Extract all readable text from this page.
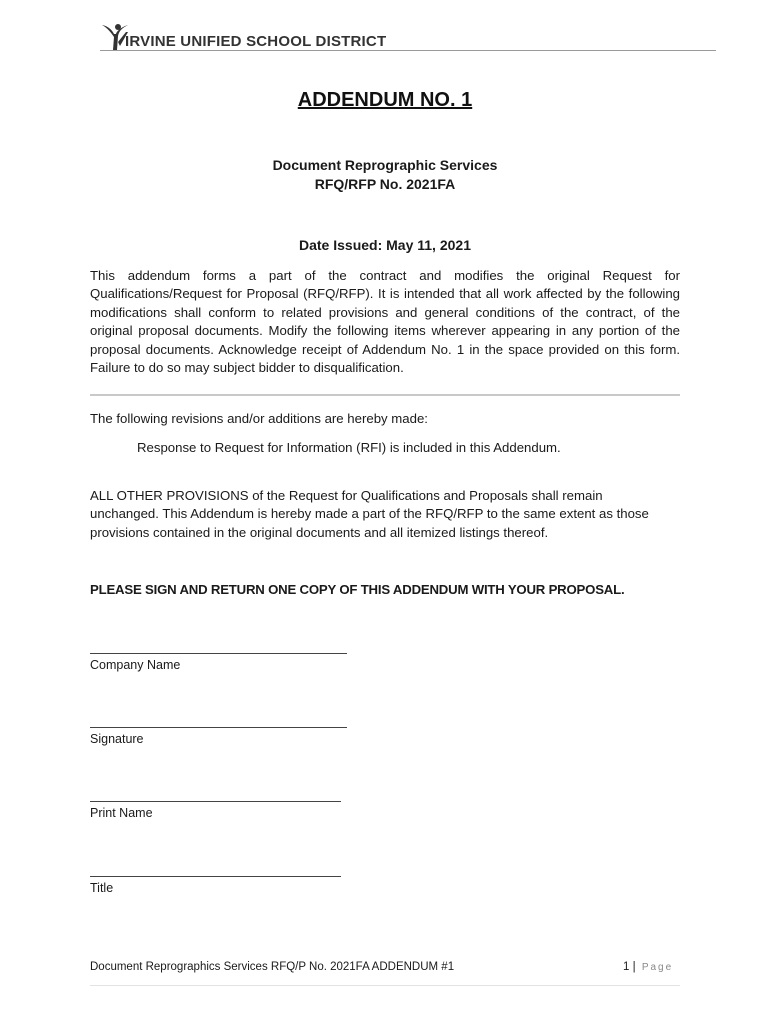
IRVINE UNIFIED SCHOOL DISTRICT
ADDENDUM NO. 1
Document Reprographic Services
RFQ/RFP No. 2021FA
Date Issued: May 11, 2021
This addendum forms a part of the contract and modifies the original Request for Qualifications/Request for Proposal (RFQ/RFP). It is intended that all work affected by the following modifications shall conform to related provisions and general conditions of the contract, of the original proposal documents. Modify the following items wherever appearing in any portion of the proposal documents. Acknowledge receipt of Addendum No. 1 in the space provided on this form. Failure to do so may subject bidder to disqualification.
The following revisions and/or additions are hereby made:
Response to Request for Information (RFI) is included in this Addendum.
ALL OTHER PROVISIONS of the Request for Qualifications and Proposals shall remain unchanged. This Addendum is hereby made a part of the RFQ/RFP to the same extent as those provisions contained in the original documents and all itemized listings thereof.
PLEASE SIGN AND RETURN ONE COPY OF THIS ADDENDUM WITH YOUR PROPOSAL.
Company Name
Signature
Print Name
Title
Document Reprographics Services RFQ/P No. 2021FA ADDENDUM #1	1 | Page
